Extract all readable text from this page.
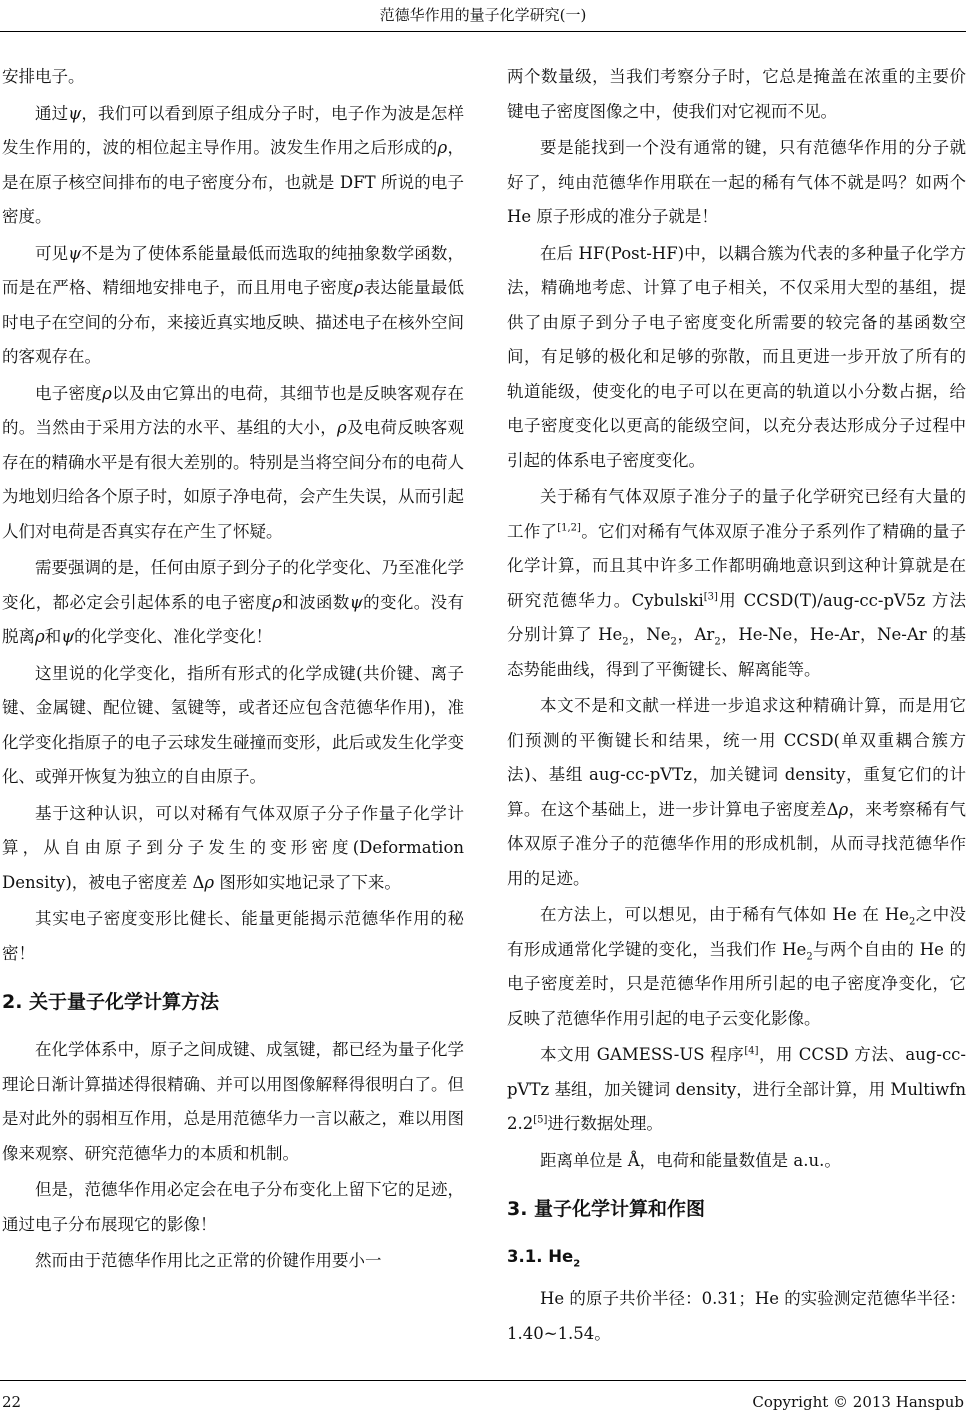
范德华作用的量子化学研究(一)

安排电子。

通过ψ，我们可以看到原子组成分子时，电子作为波是怎样发生作用的，波的相位起主导作用。波发生作用之后形成的ρ，是在原子核空间排布的电子密度分布，也就是 DFT 所说的电子密度。

可见ψ不是为了使体系能量最低而选取的纯抽象数学函数，而是在严格、精细地安排电子，而且用电子密度ρ表达能量最低时电子在空间的分布，来接近真实地反映、描述电子在核外空间的客观存在。

电子密度ρ以及由它算出的电荷，其细节也是反映客观存在的。当然由于采用方法的水平、基组的大小，ρ及电荷反映客观存在的精确水平是有很大差别的。特别是当将空间分布的电荷人为地划归给各个原子时，如原子净电荷，会产生失误，从而引起人们对电荷是否真实存在产生了怀疑。

需要强调的是，任何由原子到分子的化学变化、乃至准化学变化，都必定会引起体系的电子密度ρ和波函数ψ的变化。没有脱离ρ和ψ的化学变化、准化学变化！

这里说的化学变化，指所有形式的化学成键(共价键、离子键、金属键、配位键、氢键等，或者还应包含范德华作用)，准化学变化指原子的电子云球发生碰撞而变形，此后或发生化学变化、或弹开恢复为独立的自由原子。

基于这种认识，可以对稀有气体双原子分子作量子化学计算，从自由原子到分子发生的变形密度(Deformation Density)，被电子密度差 Δρ 图形如实地记录了下来。

其实电子密度变形比健长、能量更能揭示范德华作用的秘密！

2. 关于量子化学计算方法

在化学体系中，原子之间成键、成氢键，都已经为量子化学理论日渐计算描述得很精确、并可以用图像解释得很明白了。但是对此外的弱相互作用，总是用范德华力一言以蔽之，难以用图像来观察、研究范德华力的本质和机制。

但是，范德华作用必定会在电子分布变化上留下它的足迹，通过电子分布展现它的影像！

然而由于范德华作用比之正常的价键作用要小一

两个数量级，当我们考察分子时，它总是掩盖在浓重的主要价键电子密度图像之中，使我们对它视而不见。

要是能找到一个没有通常的键，只有范德华作用的分子就好了，纯由范德华作用联在一起的稀有气体不就是吗？如两个 He 原子形成的准分子就是！

在后 HF(Post-HF)中，以耦合簇为代表的多种量子化学方法，精确地考虑、计算了电子相关，不仅采用大型的基组，提供了由原子到分子电子密度变化所需要的较完备的基函数空间，有足够的极化和足够的弥散，而且更进一步开放了所有的轨道能级，使变化的电子可以在更高的轨道以小分数占据，给电子密度变化以更高的能级空间，以充分表达形成分子过程中引起的体系电子密度变化。

关于稀有气体双原子准分子的量子化学研究已经有大量的工作了[1,2]。它们对稀有气体双原子准分子系列作了精确的量子化学计算，而且其中许多工作都明确地意识到这种计算就是在研究范德华力。Cybulski[3]用 CCSD(T)/aug-cc-pV5z 方法分别计算了 $He_2$，$Ne_2$，$Ar_2$，He-Ne，He-Ar，Ne-Ar 的基态势能曲线，得到了平衡键长、解离能等。

本文不是和文献一样进一步追求这种精确计算，而是用它们预测的平衡键长和结果，统一用 CCSD(单双重耦合簇方法)、基组 aug-cc-pVTz，加关键词 density，重复它们的计算。在这个基础上，进一步计算电子密度差Δρ，来考察稀有气体双原子准分子的范德华作用的形成机制，从而寻找范德华作用的足迹。

在方法上，可以想见，由于稀有气体如 He 在 $He_2$之中没有形成通常化学键的变化，当我们作 $He_2$与两个自由的 He 的电子密度差时，只是范德华作用所引起的电子密度净变化，它反映了范德华作用引起的电子云变化影像。

本文用 GAMESS-US 程序[4]，用 CCSD 方法、aug-cc-pVTz 基组，加关键词 density，进行全部计算，用 Multiwfn 2.2[5]进行数据处理。

距离单位是 Å，电荷和能量数值是 a.u.。

3. 量子化学计算和作图
3.1. $He_2$

He 的原子共价半径：0.31；He 的实验测定范德华半径：1.40~1.54。

22	Copyright © 2013 Hanspub
